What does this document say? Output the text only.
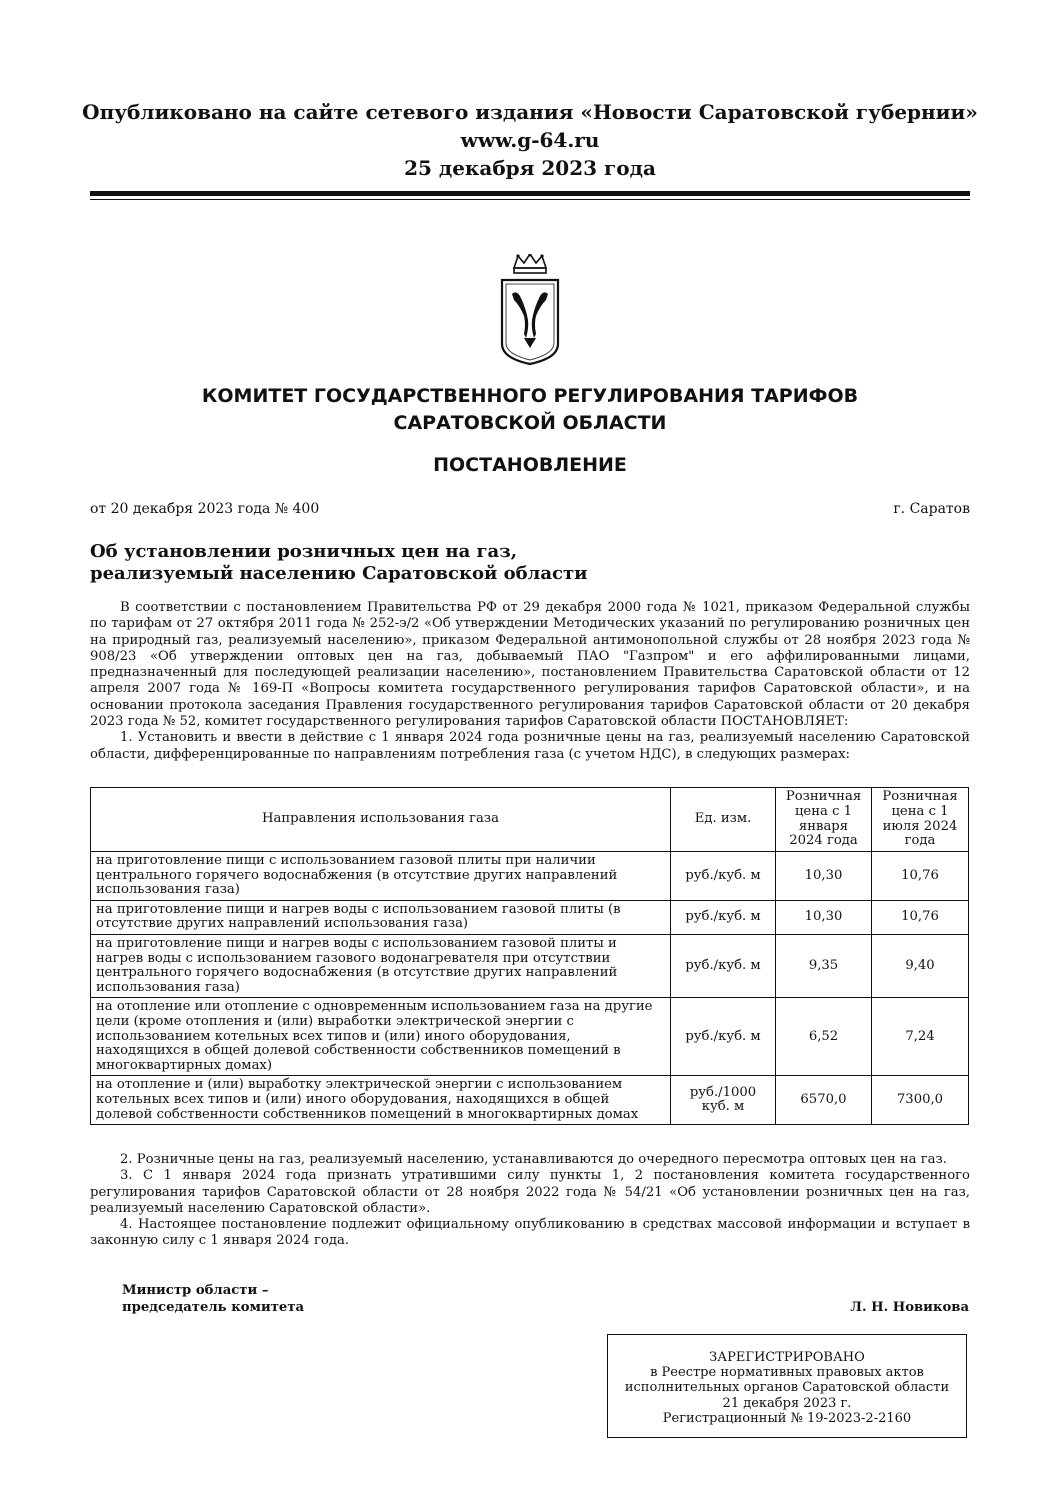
Опубликовано на сайте сетевого издания «Новости Саратовской губернии»
www.g-64.ru
25 декабря 2023 года
КОМИТЕТ ГОСУДАРСТВЕННОГО РЕГУЛИРОВАНИЯ ТАРИФОВ
САРАТОВСКОЙ ОБЛАСТИ
ПОСТАНОВЛЕНИЕ
от 20 декабря 2023 года № 400	г. Саратов
Об установлении розничных цен на газ,
реализуемый населению Саратовской области

В соответствии с постановлением Правительства РФ от 29 декабря 2000 года № 1021, приказом Федеральной службы по тарифам от 27 октября 2011 года № 252-э/2 «Об утверждении Методических указаний по регулированию розничных цен на природный газ, реализуемый населению», приказом Федеральной антимонопольной службы от 28 ноября 2023 года № 908/23 «Об утверждении оптовых цен на газ, добываемый ПАО "Газпром" и его аффилированными лицами, предназначенный для последующей реализации населению», постановлением Правительства Саратовской области от 12 апреля 2007 года № 169-П «Вопросы комитета государственного регулирования тарифов Саратовской области», и на основании протокола заседания Правления государственного регулирования тарифов Саратовской области от 20 декабря 2023 года № 52, комитет государственного регулирования тарифов Саратовской области ПОСТАНОВЛЯЕТ:

1. Установить и ввести в действие с 1 января 2024 года розничные цены на газ, реализуемый населению Саратовской области, дифференцированные по направлениям потребления газа (с учетом НДС), в следующих размерах:

Направления использования газа	Ед. изм.	Розничная цена с 1 января 2024 года	Розничная цена с 1 июля 2024 года
на приготовление пищи с использованием газовой плиты при наличии центрального горячего водоснабжения (в отсутствие других направлений использования газа)	руб./куб. м	10,30	10,76
на приготовление пищи и нагрев воды с использованием газовой плиты (в отсутствие других направлений использования газа)	руб./куб. м	10,30	10,76
на приготовление пищи и нагрев воды с использованием газовой плиты и нагрев воды с использованием газового водонагревателя при отсутствии центрального горячего водоснабжения (в отсутствие других направлений использования газа)	руб./куб. м	9,35	9,40
на отопление или отопление с одновременным использованием газа на другие цели (кроме отопления и (или) выработки электрической энергии с использованием котельных всех типов и (или) иного оборудования, находящихся в общей долевой собственности собственников помещений в многоквартирных домах)	руб./куб. м	6,52	7,24
на отопление и (или) выработку электрической энергии с использованием котельных всех типов и (или) иного оборудования, находящихся в общей долевой собственности собственников помещений в многоквартирных домах	руб./1000 куб. м	6570,0	7300,0

2. Розничные цены на газ, реализуемый населению, устанавливаются до очередного пересмотра оптовых цен на газ.

3. С 1 января 2024 года признать утратившими силу пункты 1, 2 постановления комитета государственного регулирования тарифов Саратовской области от 28 ноября 2022 года № 54/21 «Об установлении розничных цен на газ, реализуемый населению Саратовской области».

4. Настоящее постановление подлежит официальному опубликованию в средствах массовой информации и вступает в законную силу с 1 января 2024 года.

Министр области –
председатель комитета	Л. Н. Новикова
ЗАРЕГИСТРИРОВАНО
в Реестре нормативных правовых актов
исполнительных органов Саратовской области
21 декабря 2023 г.
Регистрационный № 19-2023-2-2160
